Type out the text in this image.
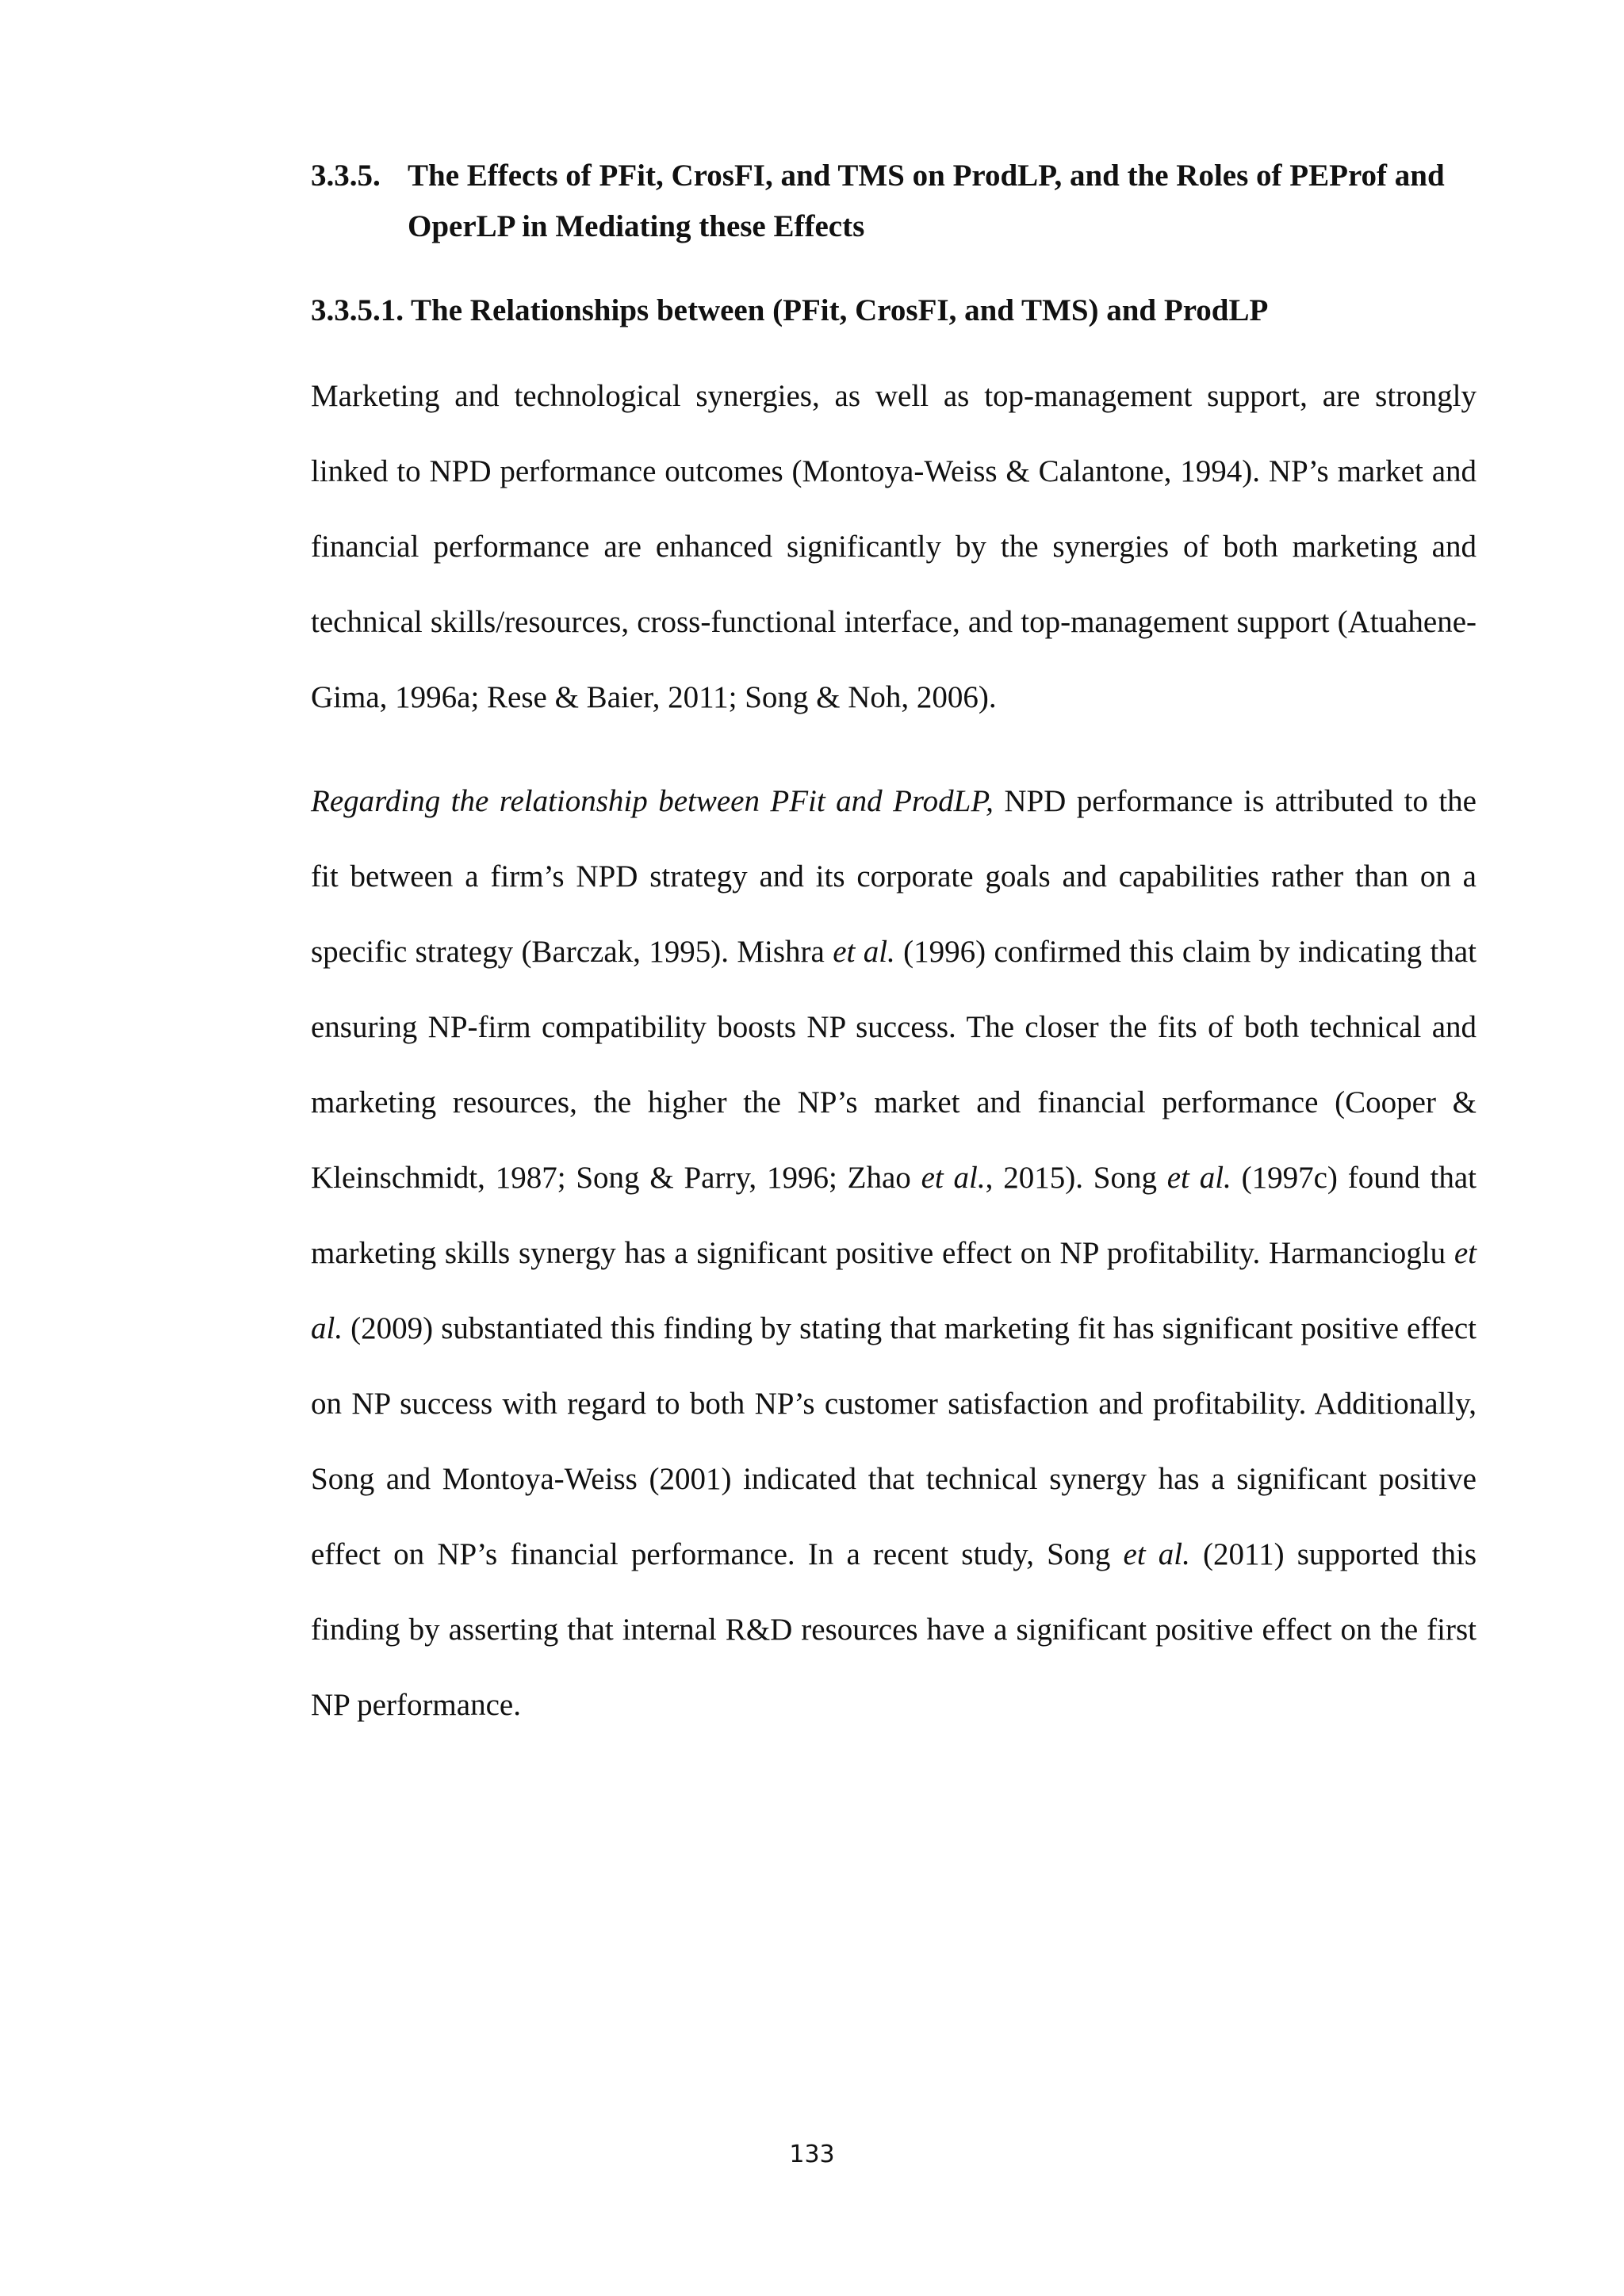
3.3.5. The Effects of PFit, CrosFI, and TMS on ProdLP, and the Roles of PEProf and OperLP in Mediating these Effects
3.3.5.1. The Relationships between (PFit, CrosFI, and TMS) and ProdLP

Marketing and technological synergies, as well as top-management support, are strongly linked to NPD performance outcomes (Montoya-Weiss & Calantone, 1994). NP’s market and financial performance are enhanced significantly by the synergies of both marketing and technical skills/resources, cross-functional interface, and top-management support (Atuahene-Gima, 1996a; Rese & Baier, 2011; Song & Noh, 2006).

Regarding the relationship between PFit and ProdLP, NPD performance is attributed to the fit between a firm’s NPD strategy and its corporate goals and capabilities rather than on a specific strategy (Barczak, 1995). Mishra et al. (1996) confirmed this claim by indicating that ensuring NP-firm compatibility boosts NP success. The closer the fits of both technical and marketing resources, the higher the NP’s market and financial performance (Cooper & Kleinschmidt, 1987; Song & Parry, 1996; Zhao et al., 2015). Song et al. (1997c) found that marketing skills synergy has a significant positive effect on NP profitability. Harmancioglu et al. (2009) substantiated this finding by stating that marketing fit has significant positive effect on NP success with regard to both NP’s customer satisfaction and profitability. Additionally, Song and Montoya-Weiss (2001) indicated that technical synergy has a significant positive effect on NP’s financial performance. In a recent study, Song et al. (2011) supported this finding by asserting that internal R&D resources have a significant positive effect on the first NP performance.

133
